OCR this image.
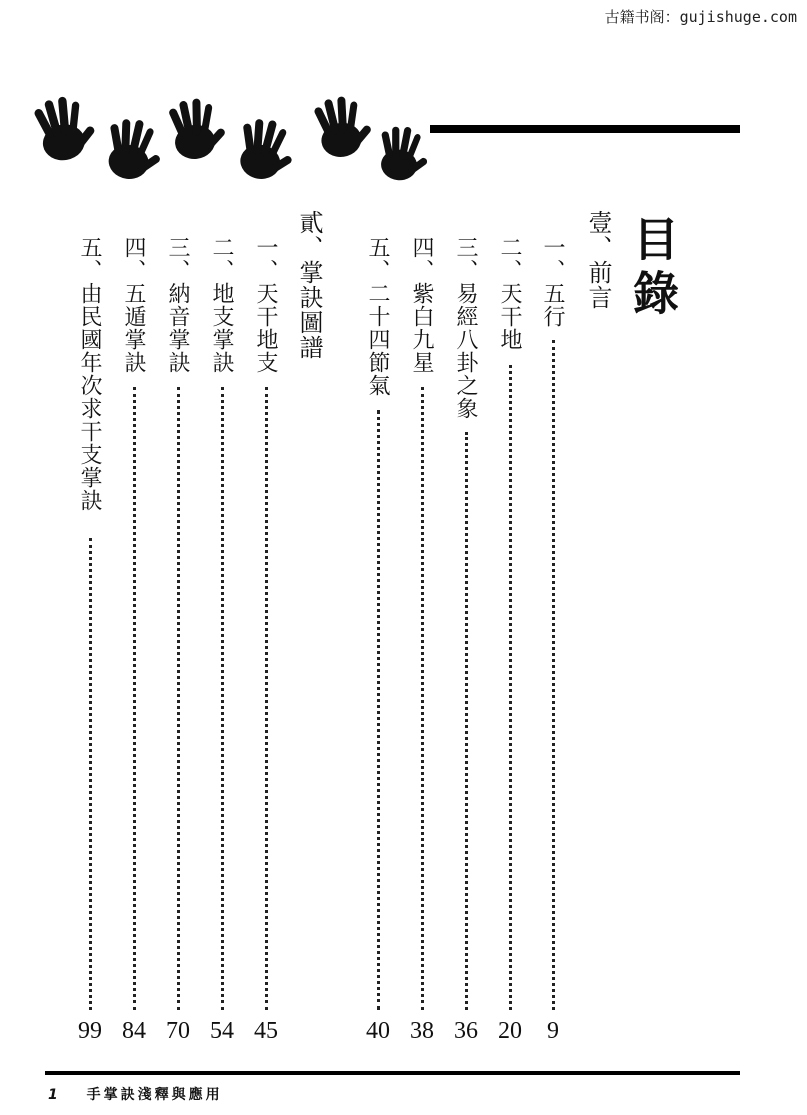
古籍书阁：gujishuge.com
目錄
壹、前言
一、五行
9
二、天干地
20
三、易經八卦之象
36
四、紫白九星
38
五、二十四節氣
40
貳、掌訣圖譜
一、天干地支
45
二、地支掌訣
54
三、納音掌訣
70
四、五遁掌訣
84
五、由民國年次求干支掌訣
99
1 手掌訣淺釋與應用
